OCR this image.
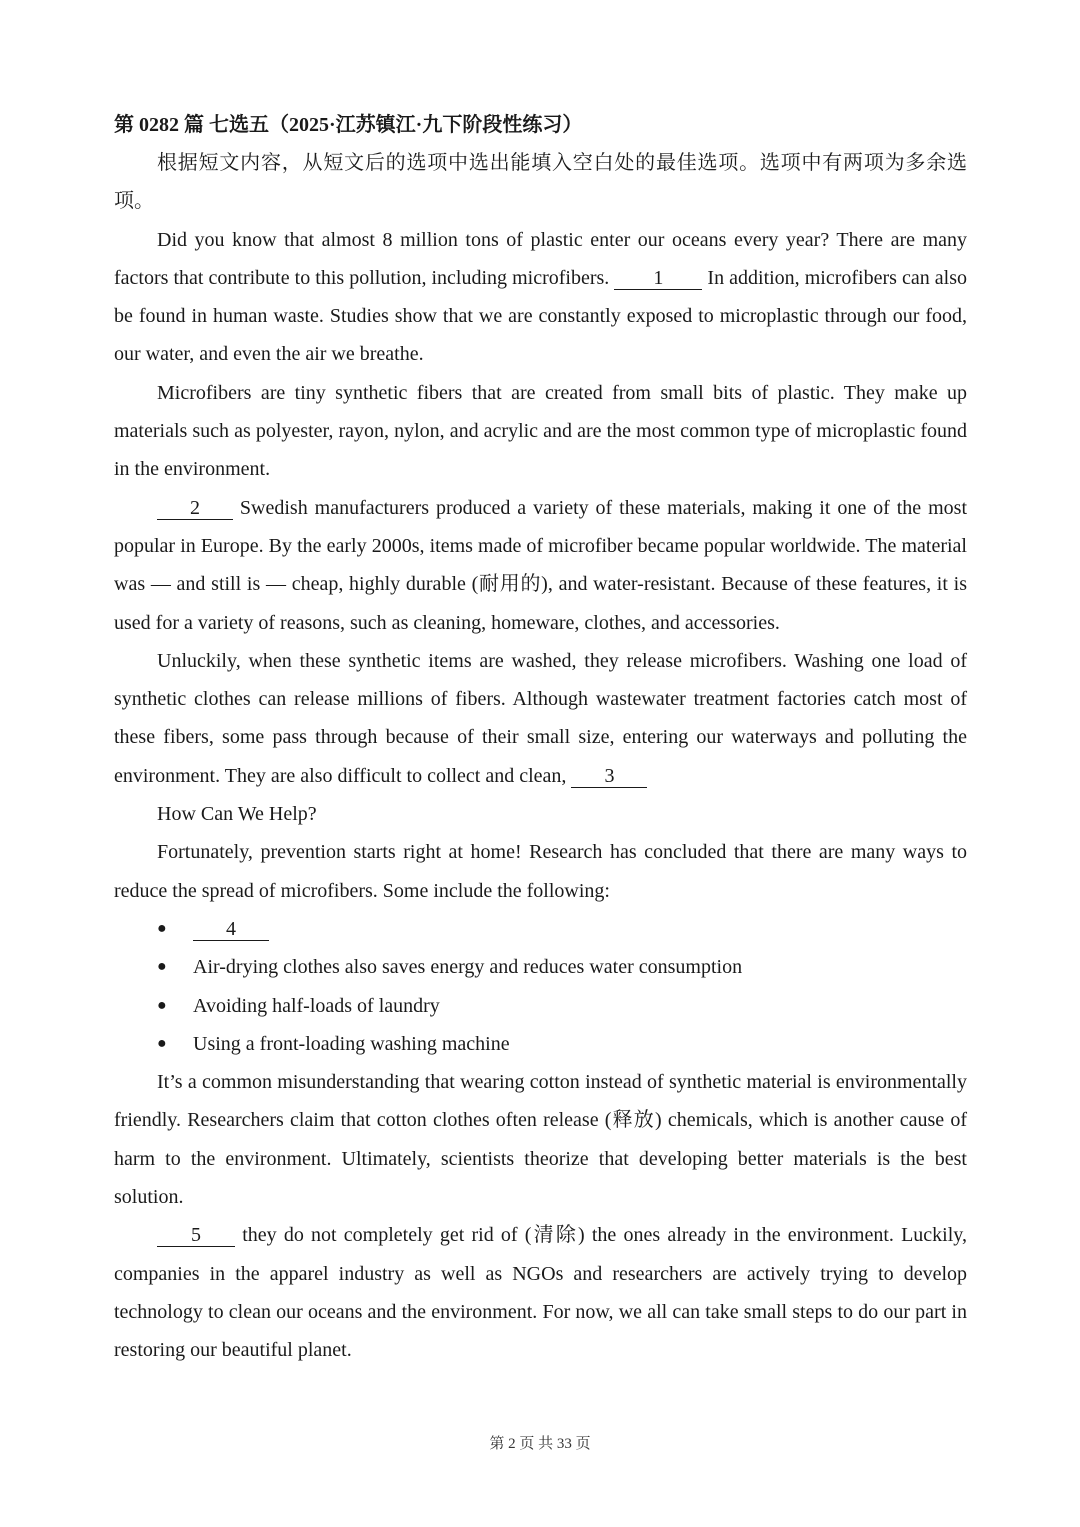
第 0282 篇 七选五（2025·江苏镇江·九下阶段性练习）

根据短文内容，从短文后的选项中选出能填入空白处的最佳选项。选项中有两项为多余选项。

Did you know that almost 8 million tons of plastic enter our oceans every year? There are many factors that contribute to this pollution, including microfibers. 1 In addition, microfibers can also be found in human waste. Studies show that we are constantly exposed to microplastic through our food, our water, and even the air we breathe.

Microfibers are tiny synthetic fibers that are created from small bits of plastic. They make up materials such as polyester, rayon, nylon, and acrylic and are the most common type of microplastic found in the environment.

2 Swedish manufacturers produced a variety of these materials, making it one of the most popular in Europe. By the early 2000s, items made of microfiber became popular worldwide. The material was — and still is — cheap, highly durable (耐用的), and water-resistant. Because of these features, it is used for a variety of reasons, such as cleaning, homeware, clothes, and accessories.

Unluckily, when these synthetic items are washed, they release microfibers. Washing one load of synthetic clothes can release millions of fibers. Although wastewater treatment factories catch most of these fibers, some pass through because of their small size, entering our waterways and polluting the environment. They are also difficult to collect and clean, 3

How Can We Help?

Fortunately, prevention starts right at home! Research has concluded that there are many ways to reduce the spread of microfibers. Some include the following:

●	4
● Air-drying clothes also saves energy and reduces water consumption
● Avoiding half-loads of laundry
● Using a front-loading washing machine

It’s a common misunderstanding that wearing cotton instead of synthetic material is environmentally friendly. Researchers claim that cotton clothes often release (释放) chemicals, which is another cause of harm to the environment. Ultimately, scientists theorize that developing better materials is the best solution.

5 they do not completely get rid of (清除) the ones already in the environment. Luckily, companies in the apparel industry as well as NGOs and researchers are actively trying to develop technology to clean our oceans and the environment. For now, we all can take small steps to do our part in restoring our beautiful planet.

第 2 页 共 33 页
